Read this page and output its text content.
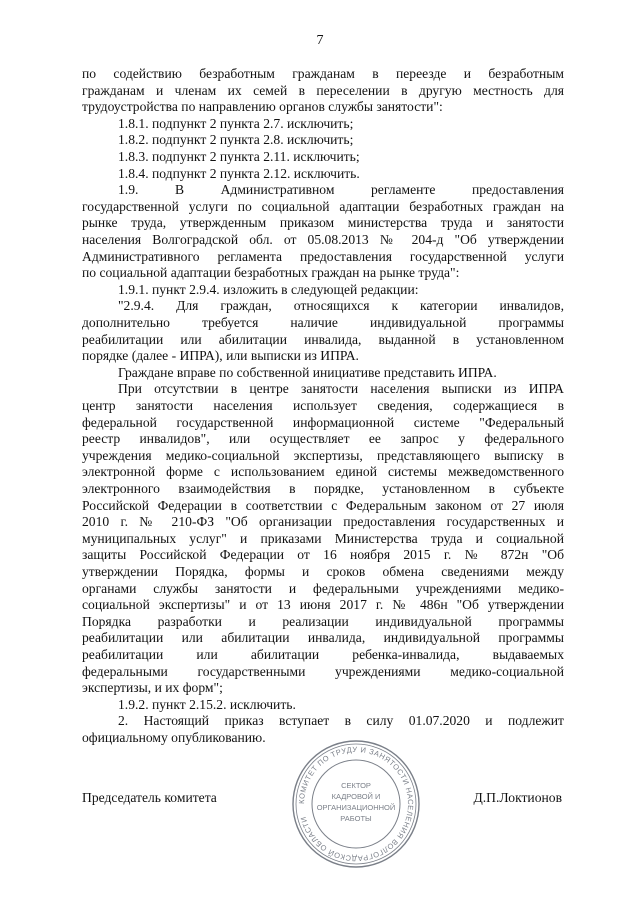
7
по содействию безработным гражданам в переезде и безработным
гражданам и членам их семей в переселении в другую местность для
трудоустройства по направлению органов службы занятости":
1.8.1. подпункт 2 пункта 2.7. исключить;
1.8.2. подпункт 2 пункта 2.8. исключить;
1.8.3. подпункт 2 пункта 2.11. исключить;
1.8.4. подпункт 2 пункта 2.12. исключить.
1.9. В Административном регламенте предоставления
государственной услуги по социальной адаптации безработных граждан на
рынке труда, утвержденным приказом министерства труда и занятости
населения Волгоградской обл. от 05.08.2013 № 204-д "Об утверждении
Административного регламента предоставления государственной услуги
по социальной адаптации безработных граждан на рынке труда":
1.9.1. пункт 2.9.4. изложить в следующей редакции:
"2.9.4. Для граждан, относящихся к категории инвалидов,
дополнительно требуется наличие индивидуальной программы
реабилитации или абилитации инвалида, выданной в установленном
порядке (далее - ИПРА), или выписки из ИПРА.
Граждане вправе по собственной инициативе представить ИПРА.
При отсутствии в центре занятости населения выписки из ИПРА
центр занятости населения использует сведения, содержащиеся в
федеральной государственной информационной системе "Федеральный
реестр инвалидов", или осуществляет ее запрос у федерального
учреждения медико-социальной экспертизы, представляющего выписку в
электронной форме с использованием единой системы межведомственного
электронного взаимодействия в порядке, установленном в субъекте
Российской Федерации в соответствии с Федеральным законом от 27 июля
2010 г. № 210-ФЗ "Об организации предоставления государственных и
муниципальных услуг" и приказами Министерства труда и социальной
защиты Российской Федерации от 16 ноября 2015 г. № 872н "Об
утверждении Порядка, формы и сроков обмена сведениями между
органами службы занятости и федеральными учреждениями медико-
социальной экспертизы" и от 13 июня 2017 г. № 486н "Об утверждении
Порядка разработки и реализации индивидуальной программы
реабилитации или абилитации инвалида, индивидуальной программы
реабилитации или абилитации ребенка-инвалида, выдаваемых
федеральными государственными учреждениями медико-социальной
экспертизы, и их форм";
1.9.2. пункт 2.15.2. исключить.
2. Настоящий приказ вступает в силу 01.07.2020 и подлежит
официальному опубликованию.
КОМИТЕТ ПО ТРУДУ И ЗАНЯТОСТИ НАСЕЛЕНИЯ ВОЛГОГРАДСКОЙ ОБЛАСТИ
СЕКТОР
КАДРОВОЙ И
ОРГАНИЗАЦИОННОЙ
РАБОТЫ
Председатель комитета	Д.П.Локтионов
